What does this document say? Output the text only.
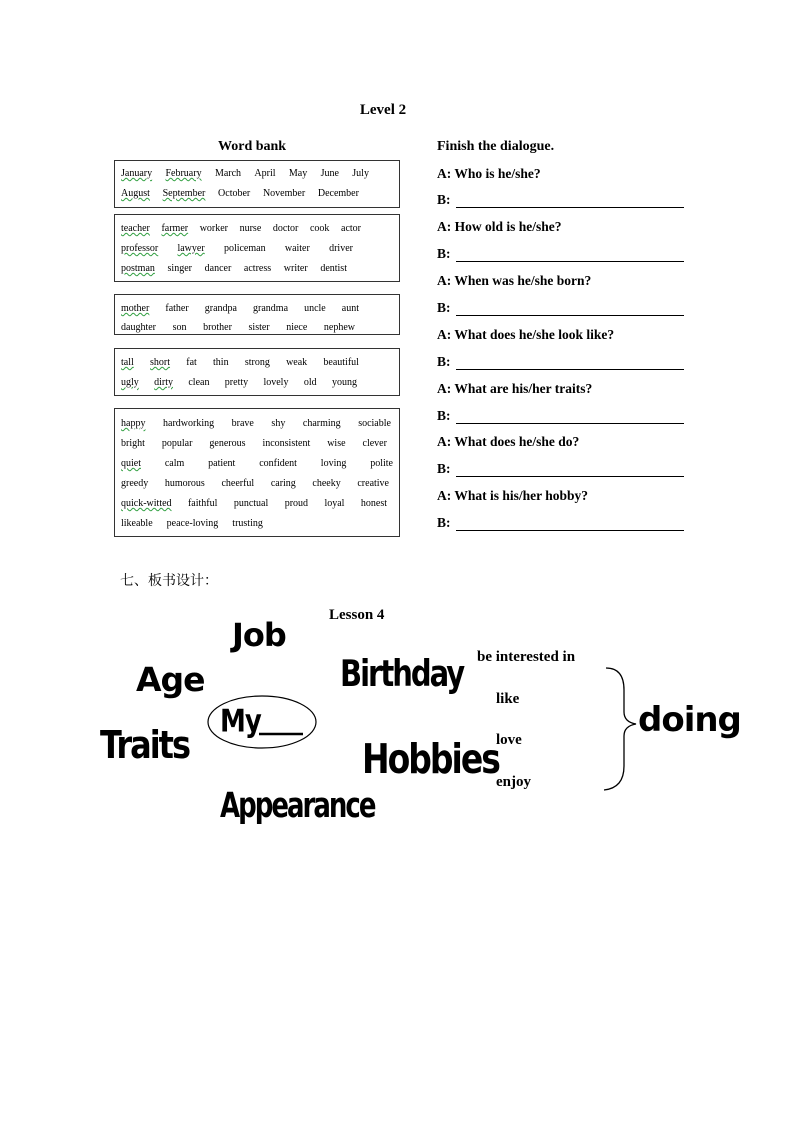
Level 2
Word bank
January February March April May June July
August September October November December
teacher farmer worker nurse doctor cook actor
professor lawyer policeman waiter driver
postman singer dancer actress writer dentist
mother father grandpa grandma uncle aunt
daughter son brother sister niece nephew
tall short fat thin strong weak beautiful
ugly dirty clean pretty lovely old young
happy hardworking brave shy charming sociable
bright popular generous inconsistent wise clever
quiet calm patient confident loving polite
greedy humorous cheerful caring cheeky creative
quick-witted faithful punctual proud loyal honest
likeable peace-loving trusting
Finish the dialogue.
A: Who is he/she?
B:
A: How old is he/she?
B:
A: When was he/she born?
B:
A: What does he/she look like?
B:
A: What are his/her traits?
B:
A: What does he/she do?
B:
A: What is his/her hobby?
B:
七、板书设计：
Lesson 4
Job
Age	Birthday
Traits	Hobbies
Appearance
My
be interested in
like
love
enjoy
doing
